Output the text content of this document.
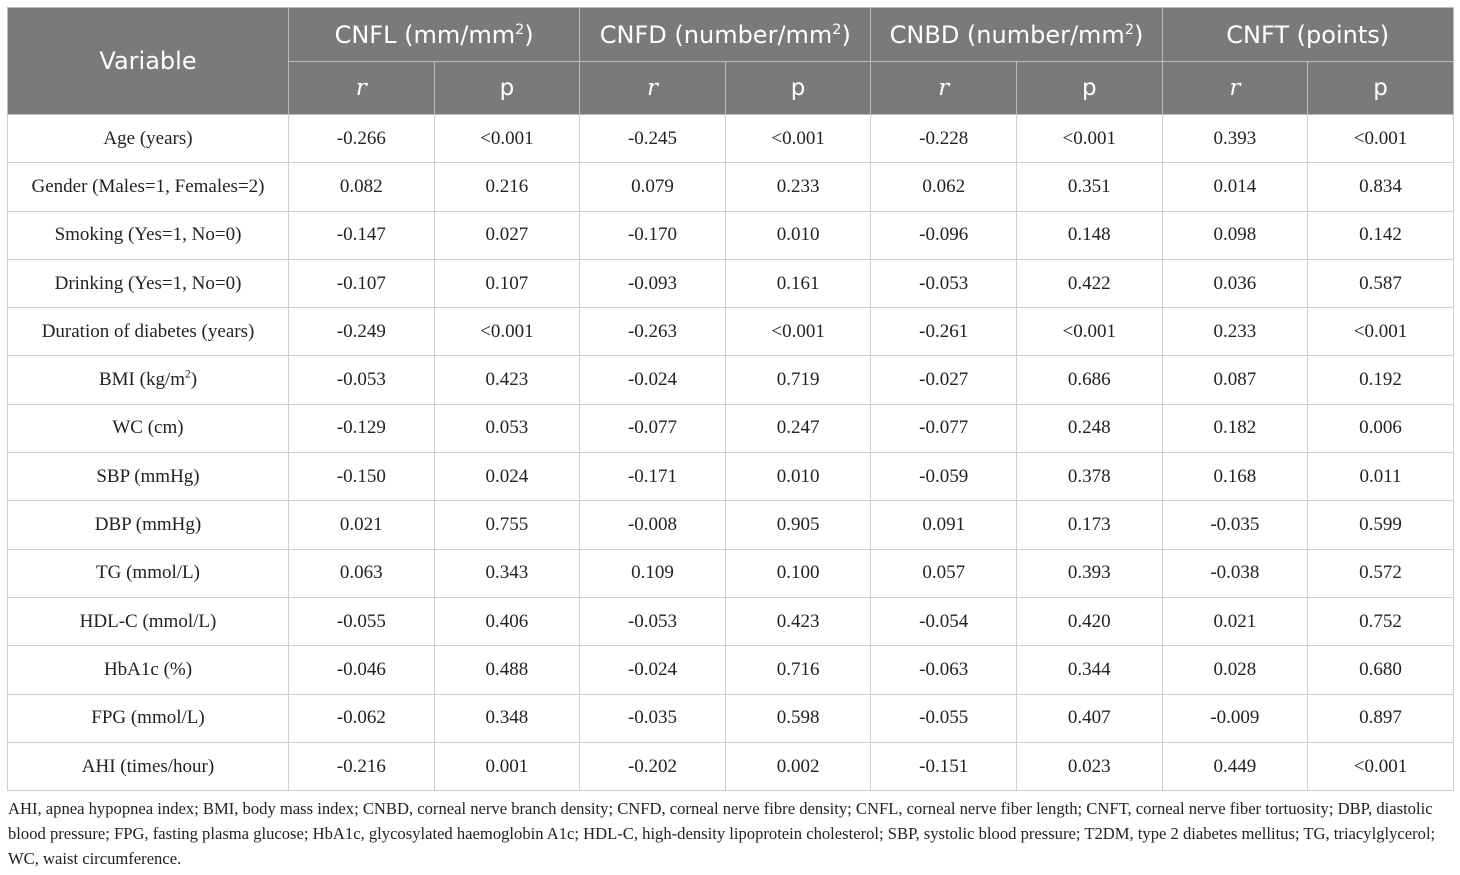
Variable	CNFL $(mm/mm^2)$		CNFD $(number/mm^2)$		CNBD $(number/mm^2)$		CNFT (points)	
	r	p	r	p	r	p	r	p
Age (years)	-0.266	<0.001	-0.245	<0.001	-0.228	<0.001	0.393	<0.001
Gender (Males=1, Females=2)	0.082	0.216	0.079	0.233	0.062	0.351	0.014	0.834
Smoking (Yes=1, No=0)	-0.147	0.027	-0.170	0.010	-0.096	0.148	0.098	0.142
Drinking (Yes=1, No=0)	-0.107	0.107	-0.093	0.161	-0.053	0.422	0.036	0.587
Duration of diabetes (years)	-0.249	<0.001	-0.263	<0.001	-0.261	<0.001	0.233	<0.001
BMI $(kg/m^2)$	-0.053	0.423	-0.024	0.719	-0.027	0.686	0.087	0.192
WC (cm)	-0.129	0.053	-0.077	0.247	-0.077	0.248	0.182	0.006
SBP (mmHg)	-0.150	0.024	-0.171	0.010	-0.059	0.378	0.168	0.011
DBP (mmHg)	0.021	0.755	-0.008	0.905	0.091	0.173	-0.035	0.599
TG (mmol/L)	0.063	0.343	0.109	0.100	0.057	0.393	-0.038	0.572
HDL-C (mmol/L)	-0.055	0.406	-0.053	0.423	-0.054	0.420	0.021	0.752
HbA1c (%)	-0.046	0.488	-0.024	0.716	-0.063	0.344	0.028	0.680
FPG (mmol/L)	-0.062	0.348	-0.035	0.598	-0.055	0.407	-0.009	0.897
AHI (times/hour)	-0.216	0.001	-0.202	0.002	-0.151	0.023	0.449	<0.001
AHI, apnea hypopnea index; BMI, body mass index; CNBD, corneal nerve branch density; CNFD, corneal nerve fibre density; CNFL, corneal nerve fiber length; CNFT, corneal nerve fiber tortuosity; DBP, diastolic blood pressure; FPG, fasting plasma glucose; HbA1c, glycosylated haemoglobin A1c; HDL-C, high-density lipoprotein cholesterol; SBP, systolic blood pressure; T2DM, type 2 diabetes mellitus; TG, triacylglycerol; WC, waist circumference.
